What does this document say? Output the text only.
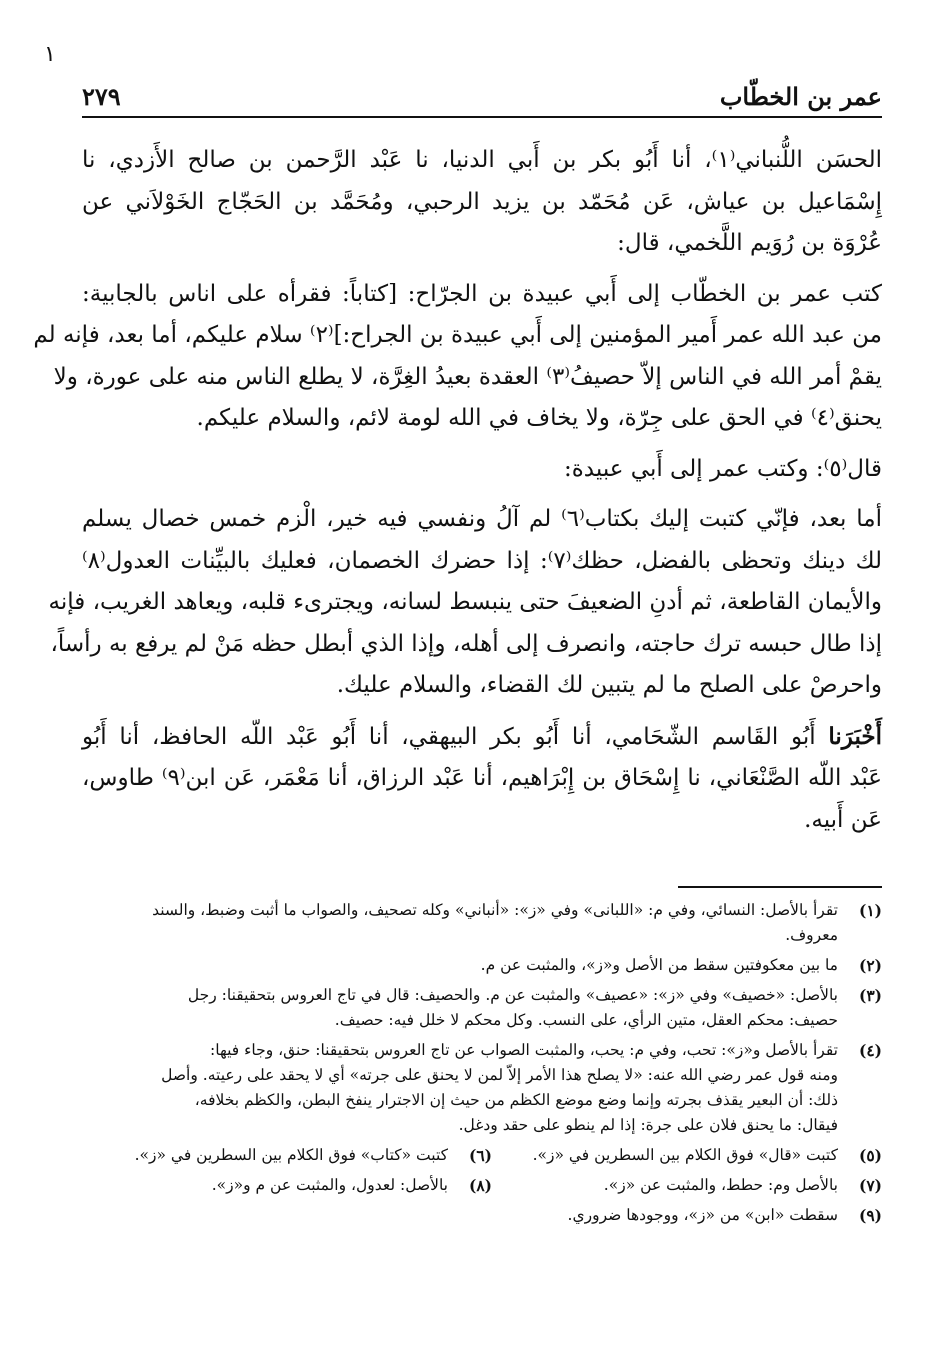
١
عمر بن الخطّاب
٢٧٩

الحسَن اللُّنباني⁽١⁾، أنا أَبُو بكر بن أَبي الدنيا، نا عَبْد الرَّحمن بن صالح الأَزدي، نا
إِسْمَاعيل بن عياش، عَن مُحَمّد بن يزيد الرحبي، ومُحَمَّد بن الحَجّاج الخَوْلاَني عن
عُرْوَة بن رُوَيم اللَّخمي، قال:

كتب عمر بن الخطّاب إلى أَبي عبيدة بن الجرّاح: [كتاباً: فقرأه على اناس بالجابية:
من عبد الله عمر أَمير المؤمنين إلى أَبي عبيدة بن الجراح:]⁽٢⁾ سلام عليكم، أما بعد، فإنه لم
يقمْ أمر الله في الناس إلاّ حصيفُ⁽٣⁾ العقدة بعيدُ الغِرَّة، لا يطلع الناس منه على عورة، ولا
يحنق⁽٤⁾ في الحق على جِرّة، ولا يخاف في الله لومة لائم، والسلام عليكم.

قال⁽٥⁾: وكتب عمر إلى أَبي عبيدة:

أما بعد، فإنّي كتبت إليك بكتاب⁽٦⁾ لم آلُ ونفسي فيه خير، الْزم خمس خصال يسلم
لك دينك وتحظى بالفضل، حظك⁽٧⁾: إذا حضرك الخصمان، فعليك بالبيِّنات العدول⁽٨⁾
والأيمان القاطعة، ثم أدنِ الضعيفَ حتى ينبسط لسانه، ويجترىء قلبه، ويعاهد الغريب، فإنه
إذا طال حبسه ترك حاجته، وانصرف إلى أهله، وإذا الذي أبطل حظه مَنْ لم يرفع به رأساً،
واحرصْ على الصلح ما لم يتبين لك القضاء، والسلام عليك.

أَخْبَرَنا أَبُو القَاسم الشّحَامي، أنا أَبُو بكر البيهقي، أنا أَبُو عَبْد اللّه الحافظ، أنا أَبُو
عَبْد اللّه الصَّنْعَاني، نا إِسْحَاق بن إِبْرَاهيم، أنا عَبْد الرزاق، أنا مَعْمَر، عَن ابن⁽٩⁾ طاوس،
عَن أَبيه.

(١)
تقرأ بالأصل: النسائي، وفي م: «اللبانى» وفي «ز»: «أنباني» وكله تصحيف، والصواب ما أثبت وضبط، والسند
معروف.
(٢)
ما بين معكوفتين سقط من الأصل و«ز»، والمثبت عن م.
(٣)
بالأصل: «خصيف» وفي «ز»: «عصيف» والمثبت عن م. والحصيف: قال في تاج العروس بتحقيقنا: رجل
حصيف: محكم العقل، متين الرأي، على النسب. وكل محكم لا خلل فيه: حصيف.
(٤)
تقرأ بالأصل و«ز»: تحب، وفي م: يحب، والمثبت الصواب عن تاج العروس بتحقيقنا: حنق، وجاء فيها:
ومنه قول عمر رضي الله عنه: «لا يصلح هذا الأمر إلاّ لمن لا يحنق على جرته» أي لا يحقد على رعيته. وأصل
ذلك: أن البعير يقذف بجرته وإنما وضع موضع الكظم من حيث إن الاجترار ينفخ البطن، والكظم بخلافه،
فيقال: ما يحنق فلان على جرة: إذا لم ينطو على حقد ودغل.
(٥)
كتبت «قال» فوق الكلام بين السطرين في «ز».
(٦)
كتبت «كتاب» فوق الكلام بين السطرين في «ز».
(٧)
بالأصل وم: حطط، والمثبت عن «ز».
(٨)
بالأصل: لعدول، والمثبت عن م و«ز».
(٩)
سقطت «ابن» من «ز»، ووجودها ضروري.
